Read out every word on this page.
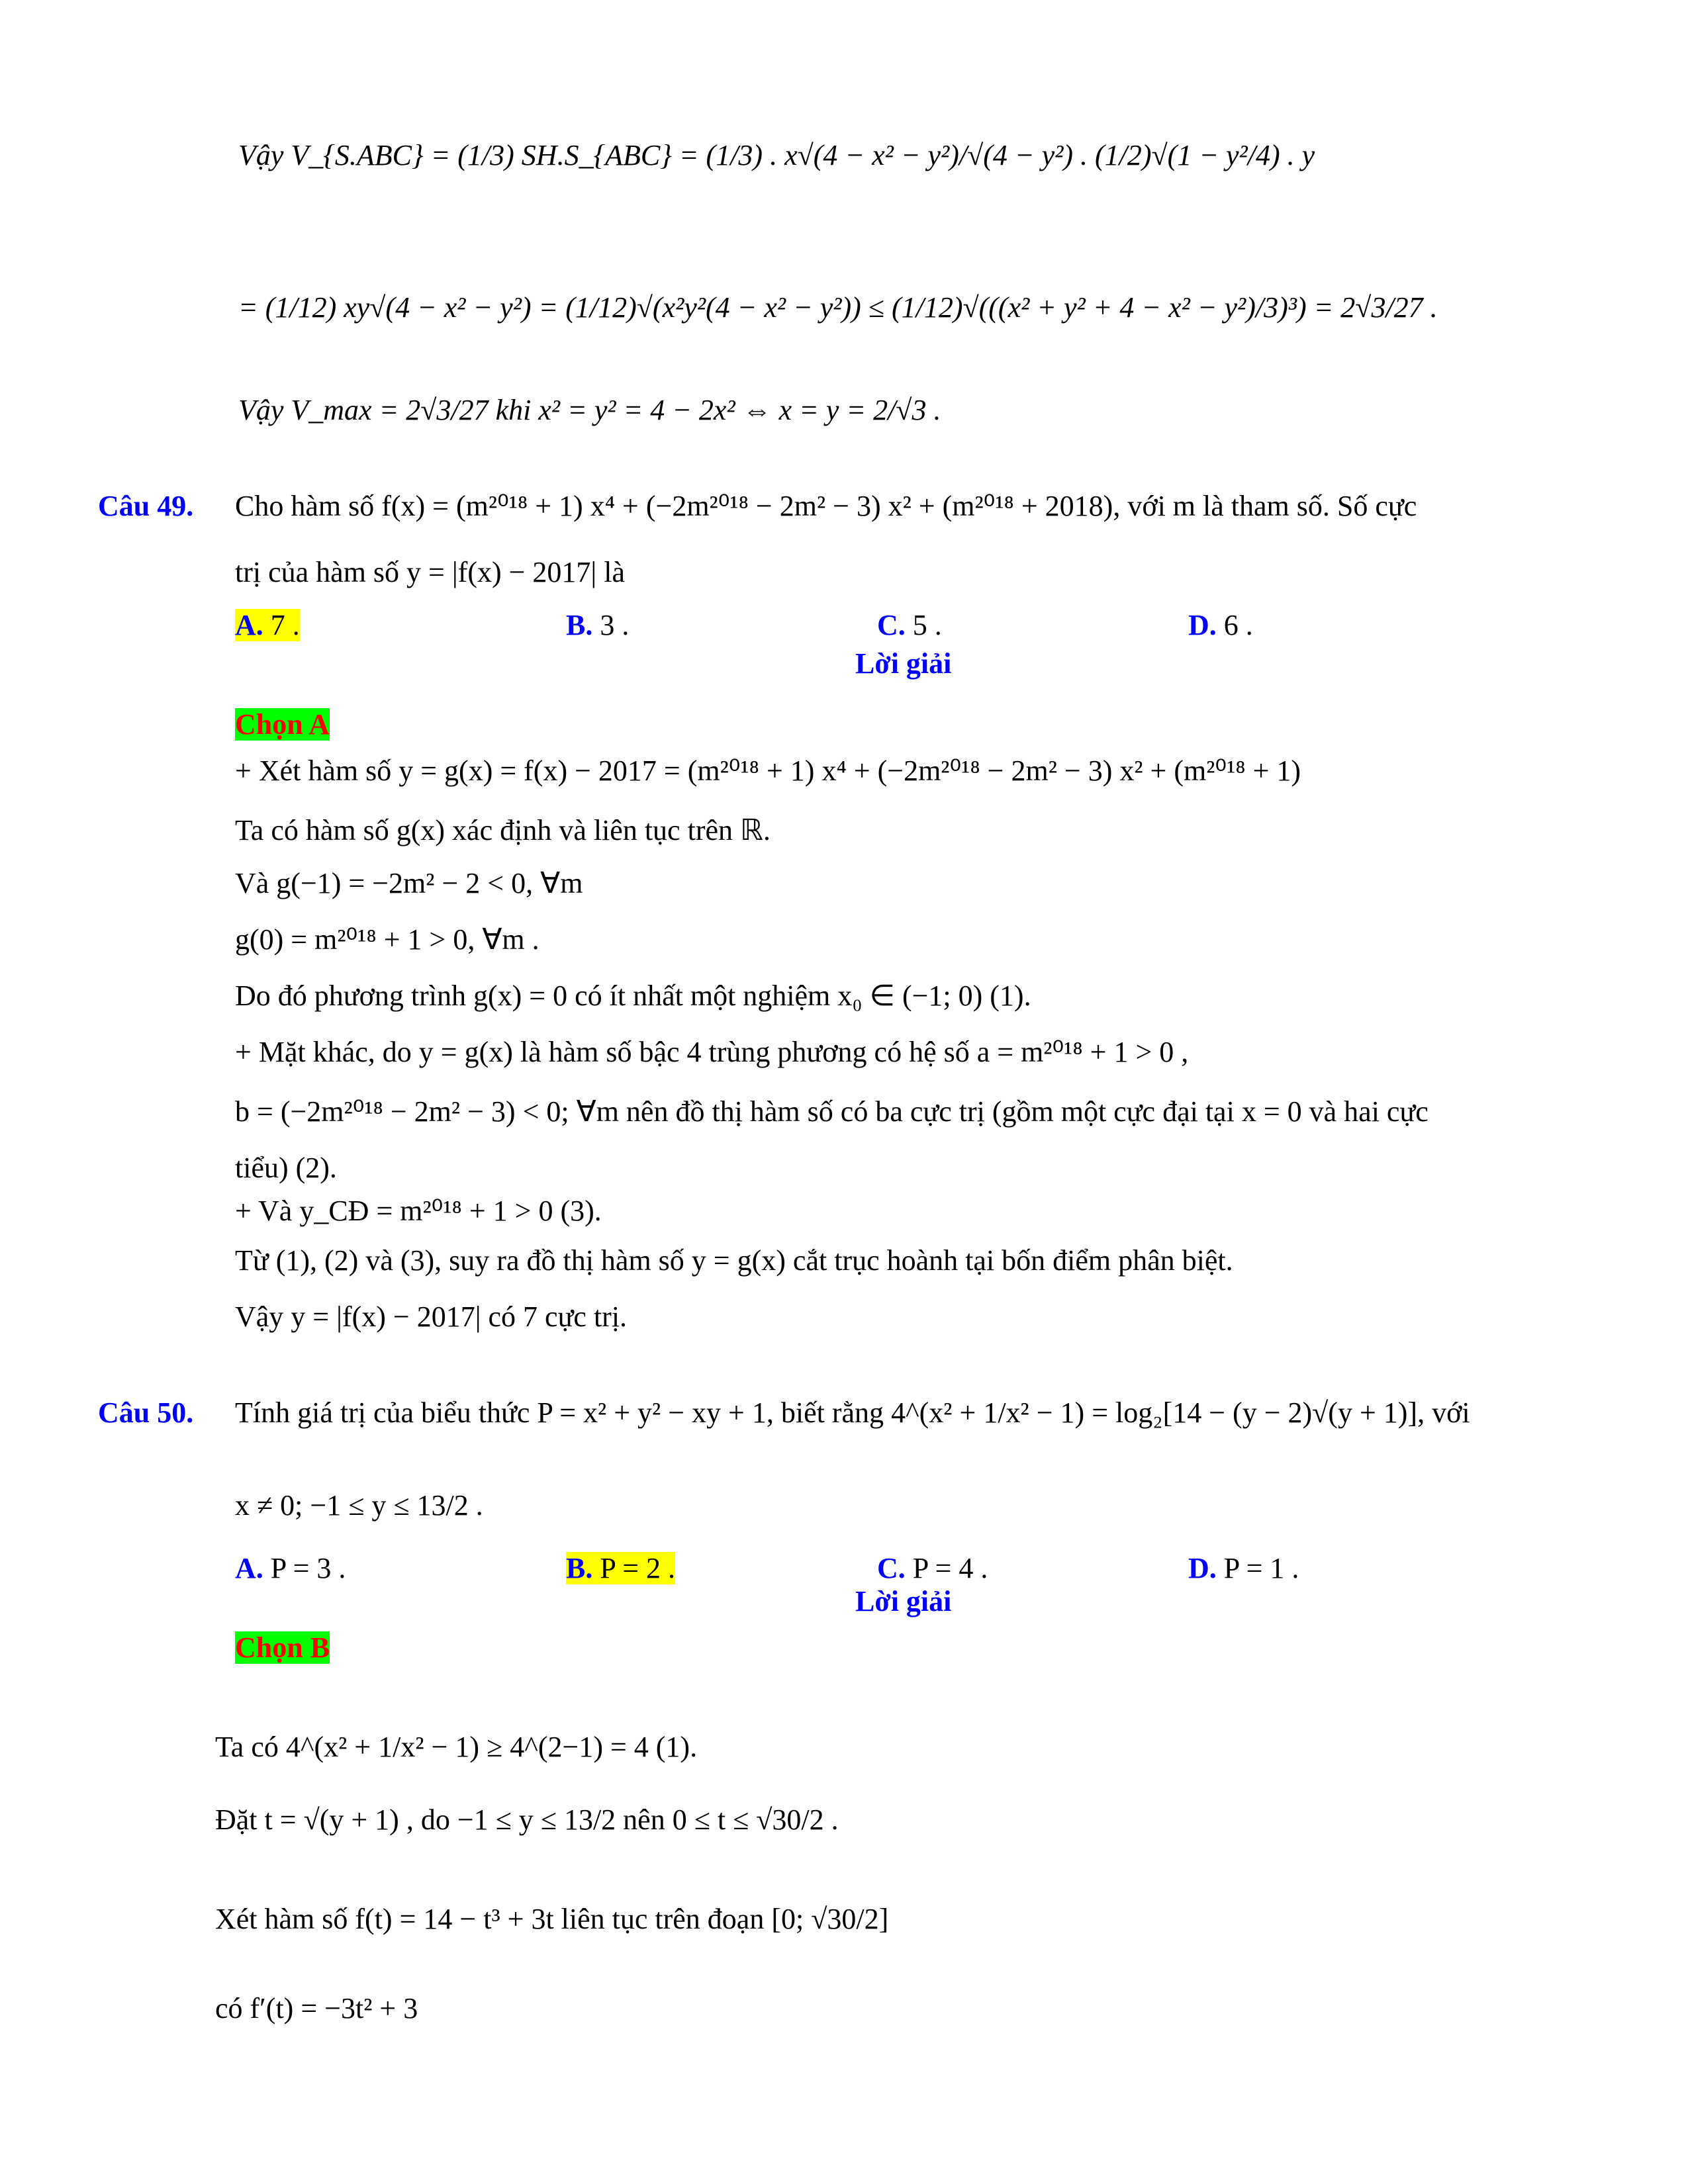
Vậy V_{S.ABC} = (1/3) SH.S_{ABC} = (1/3) . x√(4 − x² − y²)/√(4 − y²) . (1/2)√(1 − y²/4) . y
= (1/12) xy√(4 − x² − y²) = (1/12)√(x²y²(4 − x² − y²)) ≤ (1/12)√(((x² + y² + 4 − x² − y²)/3)³) = 2√3/27 .
Vậy V_max = 2√3/27 khi x² = y² = 4 − 2x² ⇔ x = y = 2/√3 .
Câu 49. Cho hàm số f(x) = (m²⁰¹⁸ + 1) x⁴ + (−2m²⁰¹⁸ − 2m² − 3) x² + (m²⁰¹⁸ + 2018), với m là tham số. Số cực
trị của hàm số y = |f(x) − 2017| là
A. 7 .	B. 3 .	C. 5 .	D. 6 .
Lời giải
Chọn A
+ Xét hàm số y = g(x) = f(x) − 2017 = (m²⁰¹⁸ + 1) x⁴ + (−2m²⁰¹⁸ − 2m² − 3) x² + (m²⁰¹⁸ + 1)
Ta có hàm số g(x) xác định và liên tục trên ℝ.
Và g(−1) = −2m² − 2 < 0, ∀m
g(0) = m²⁰¹⁸ + 1 > 0, ∀m .
Do đó phương trình g(x) = 0 có ít nhất một nghiệm x₀ ∈ (−1; 0) (1).
+ Mặt khác, do y = g(x) là hàm số bậc 4 trùng phương có hệ số a = m²⁰¹⁸ + 1 > 0 ,
b = (−2m²⁰¹⁸ − 2m² − 3) < 0; ∀m nên đồ thị hàm số có ba cực trị (gồm một cực đại tại x = 0 và hai cực
tiểu) (2).
+ Và y_CĐ = m²⁰¹⁸ + 1 > 0 (3).
Từ (1), (2) và (3), suy ra đồ thị hàm số y = g(x) cắt trục hoành tại bốn điểm phân biệt.
Vậy y = |f(x) − 2017| có 7 cực trị.
Câu 50. Tính giá trị của biểu thức P = x² + y² − xy + 1, biết rằng 4^(x² + 1/x² − 1) = log₂[14 − (y − 2)√(y + 1)], với
x ≠ 0; −1 ≤ y ≤ 13/2 .
A. P = 3 .	B. P = 2 .	C. P = 4 .	D. P = 1 .
Lời giải
Chọn B
Ta có 4^(x² + 1/x² − 1) ≥ 4^(2−1) = 4 (1).
Đặt t = √(y + 1) , do −1 ≤ y ≤ 13/2 nên 0 ≤ t ≤ √30/2 .
Xét hàm số f(t) = 14 − t³ + 3t liên tục trên đoạn [0; √30/2]
có f′(t) = −3t² + 3
